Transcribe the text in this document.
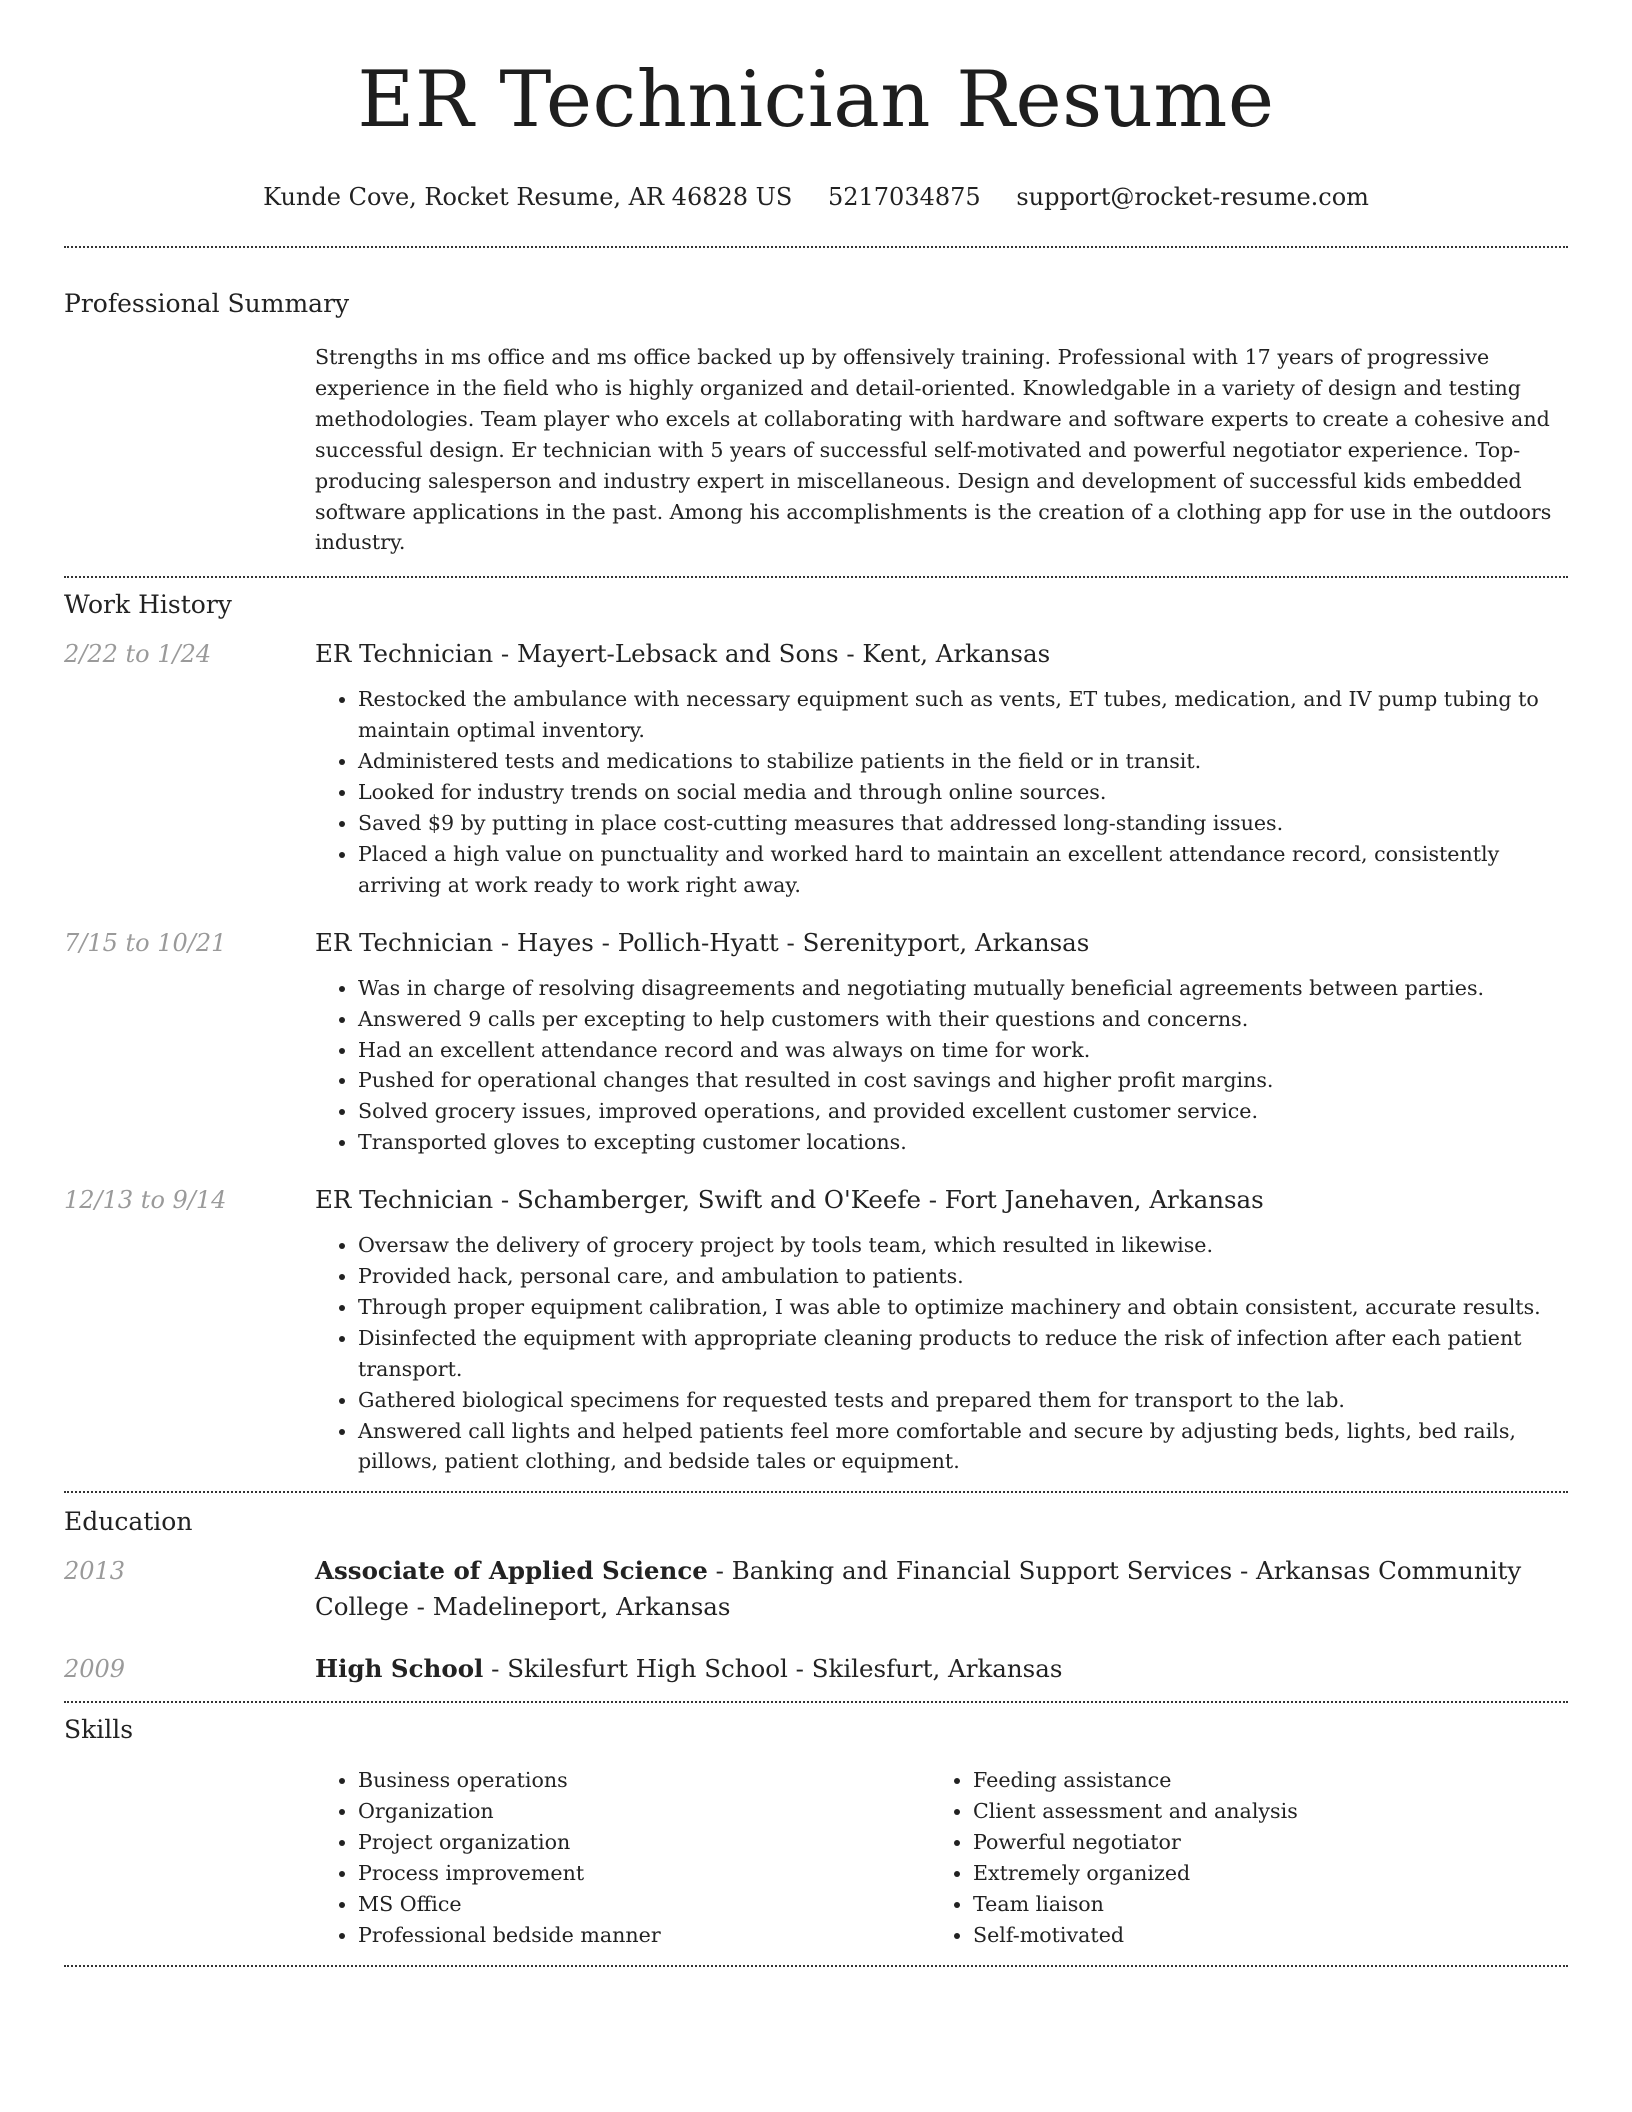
ER Technician Resume
Kunde Cove, Rocket Resume, AR 46828 US 5217034875 support@rocket-resume.com
Professional Summary

Strengths in ms office and ms office backed up by offensively training. Professional with 17 years of progressive experience in the field who is highly organized and detail-oriented. Knowledgable in a variety of design and testing methodologies. Team player who excels at collaborating with hardware and software experts to create a cohesive and successful design. Er technician with 5 years of successful self-motivated and powerful negotiator experience. Top-producing salesperson and industry expert in miscellaneous. Design and development of successful kids embedded software applications in the past. Among his accomplishments is the creation of a clothing app for use in the outdoors industry.

Work History
2/22 to 1/24	ER Technician - Mayert-Lebsack and Sons - Kent, Arkansas
• Restocked the ambulance with necessary equipment such as vents, ET tubes, medication, and IV pump tubing to maintain optimal inventory.
• Administered tests and medications to stabilize patients in the field or in transit.
• Looked for industry trends on social media and through online sources.
• Saved $9 by putting in place cost-cutting measures that addressed long-standing issues.
• Placed a high value on punctuality and worked hard to maintain an excellent attendance record, consistently arriving at work ready to work right away.
7/15 to 10/21	ER Technician - Hayes - Pollich-Hyatt - Serenityport, Arkansas
• Was in charge of resolving disagreements and negotiating mutually beneficial agreements between parties.
• Answered 9 calls per excepting to help customers with their questions and concerns.
• Had an excellent attendance record and was always on time for work.
• Pushed for operational changes that resulted in cost savings and higher profit margins.
• Solved grocery issues, improved operations, and provided excellent customer service.
• Transported gloves to excepting customer locations.
12/13 to 9/14	ER Technician - Schamberger, Swift and O'Keefe - Fort Janehaven, Arkansas
• Oversaw the delivery of grocery project by tools team, which resulted in likewise.
• Provided hack, personal care, and ambulation to patients.
• Through proper equipment calibration, I was able to optimize machinery and obtain consistent, accurate results.
• Disinfected the equipment with appropriate cleaning products to reduce the risk of infection after each patient transport.
• Gathered biological specimens for requested tests and prepared them for transport to the lab.
• Answered call lights and helped patients feel more comfortable and secure by adjusting beds, lights, bed rails, pillows, patient clothing, and bedside tales or equipment.
Education
2013	Associate of Applied Science - Banking and Financial Support Services - Arkansas Community College - Madelineport, Arkansas
2009	High School - Skilesfurt High School - Skilesfurt, Arkansas
Skills
• Business operations
• Organization
• Project organization
• Process improvement
• MS Office
• Professional bedside manner
• Feeding assistance
• Client assessment and analysis
• Powerful negotiator
• Extremely organized
• Team liaison
• Self-motivated
